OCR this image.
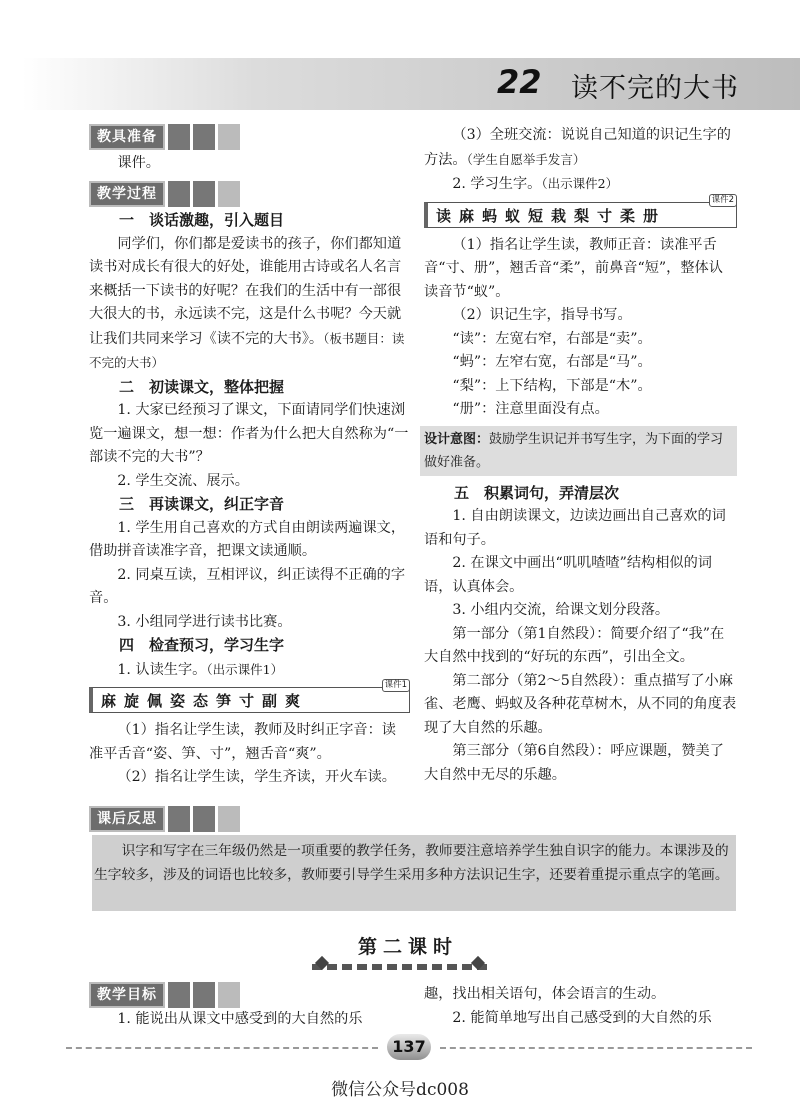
22 读不完的大书
教具准备

课件。

教学过程

一　谈话激趣，引入题目

同学们，你们都是爱读书的孩子，你们都知道读书对成长有很大的好处，谁能用古诗或名人名言来概括一下读书的好呢？在我们的生活中有一部很大很大的书，永远读不完，这是什么书呢？今天就让我们共同来学习《读不完的大书》。（板书题目：读不完的大书）

二　初读课文，整体把握

1. 大家已经预习了课文，下面请同学们快速浏览一遍课文，想一想：作者为什么把大自然称为“一部读不完的大书”？

2. 学生交流、展示。

三　再读课文，纠正字音

1. 学生用自己喜欢的方式自由朗读两遍课文，借助拼音读准字音，把课文读通顺。

2. 同桌互读，互相评议，纠正读得不正确的字音。

3. 小组同学进行读书比赛。

四　检查预习，学习生字

1. 认读生字。（出示课件1）

麻旋佩姿态笋寸副爽
课件1

（1）指名让学生读，教师及时纠正字音：读准平舌音“姿、笋、寸”，翘舌音“爽”。

（2）指名让学生读，学生齐读，开火车读。

（3）全班交流：说说自己知道的识记生字的方法。（学生自愿举手发言）

2. 学习生字。（出示课件2）

读麻蚂蚁短栽梨寸柔册
课件2

（1）指名让学生读，教师正音：读准平舌音“寸、册”，翘舌音“柔”，前鼻音“短”，整体认读音节“蚁”。

（2）识记生字，指导书写。

“读”：左宽右窄，右部是“卖”。

“蚂”：左窄右宽，右部是“马”。

“梨”：上下结构，下部是“木”。

“册”：注意里面没有点。

设计意图：鼓励学生识记并书写生字，为下面的学习做好准备。

五　积累词句，弄清层次

1. 自由朗读课文，边读边画出自己喜欢的词语和句子。

2. 在课文中画出“叽叽喳喳”结构相似的词语，认真体会。

3. 小组内交流，给课文划分段落。

第一部分（第1自然段）：简要介绍了“我”在大自然中找到的“好玩的东西”，引出全文。

第二部分（第2～5自然段）：重点描写了小麻雀、老鹰、蚂蚁及各种花草树木，从不同的角度表现了大自然的乐趣。

第三部分（第6自然段）：呼应课题，赞美了大自然中无尽的乐趣。

课后反思

识字和写字在三年级仍然是一项重要的教学任务，教师要注意培养学生独自识字的能力。本课涉及的生字较多，涉及的词语也比较多，教师要引导学生采用多种方法识记生字，还要着重提示重点字的笔画。

第二课时
教学目标

1. 能说出从课文中感受到的大自然的乐

趣，找出相关语句，体会语言的生动。

2. 能简单地写出自己感受到的大自然的乐

137
微信公众号dc008
